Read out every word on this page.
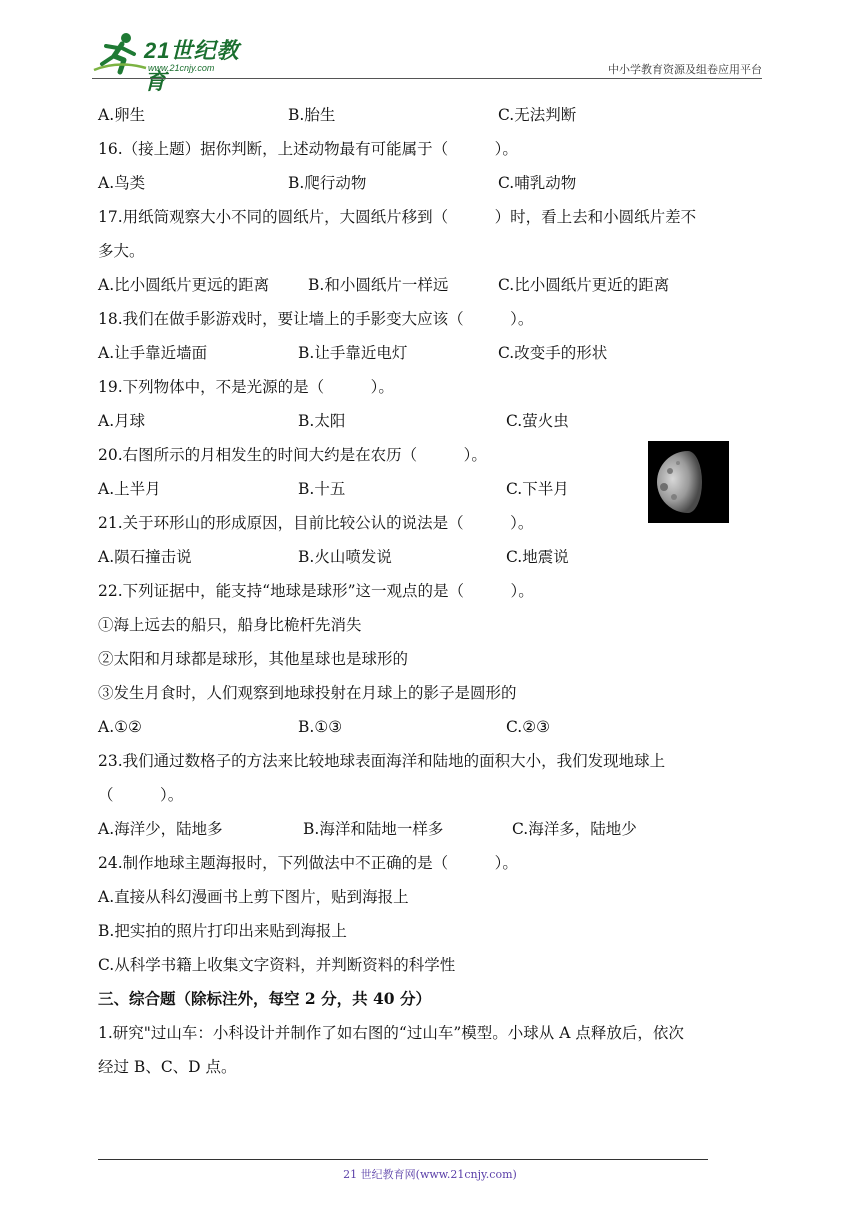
21世纪教育
www.21cnjy.com	中小学教育资源及组卷应用平台
A.卵生	B.胎生	C.无法判断
16.（接上题）据你判断，上述动物最有可能属于（　　　）。
A.鸟类	B.爬行动物	C.哺乳动物
17.用纸筒观察大小不同的圆纸片，大圆纸片移到（　　　）时，看上去和小圆纸片差不
多大。
A.比小圆纸片更远的距离	B.和小圆纸片一样远	C.比小圆纸片更近的距离
18.我们在做手影游戏时，要让墙上的手影变大应该（　　　）。
A.让手靠近墙面	B.让手靠近电灯	C.改变手的形状
19.下列物体中，不是光源的是（　　　）。
A.月球	B.太阳	C.萤火虫
20.右图所示的月相发生的时间大约是在农历（　　　）。
A.上半月	B.十五	C.下半月
21.关于环形山的形成原因，目前比较公认的说法是（　　　）。
A.陨石撞击说	B.火山喷发说	C.地震说
22.下列证据中，能支持“地球是球形”这一观点的是（　　　）。
①海上远去的船只，船身比桅杆先消失
②太阳和月球都是球形，其他星球也是球形的
③发生月食时，人们观察到地球投射在月球上的影子是圆形的
A.①②	B.①③	C.②③
23.我们通过数格子的方法来比较地球表面海洋和陆地的面积大小，我们发现地球上
（　　　）。
A.海洋少，陆地多	B.海洋和陆地一样多	C.海洋多，陆地少
24.制作地球主题海报时，下列做法中不正确的是（　　　）。
A.直接从科幻漫画书上剪下图片，贴到海报上
B.把实拍的照片打印出来贴到海报上
C.从科学书籍上收集文字资料，并判断资料的科学性
三、综合题（除标注外，每空 2 分，共 40 分）
1.研究"过山车：小科设计并制作了如右图的“过山车”模型。小球从 A 点释放后，依次
经过 B、C、D 点。
21 世纪教育网(www.21cnjy.com)
